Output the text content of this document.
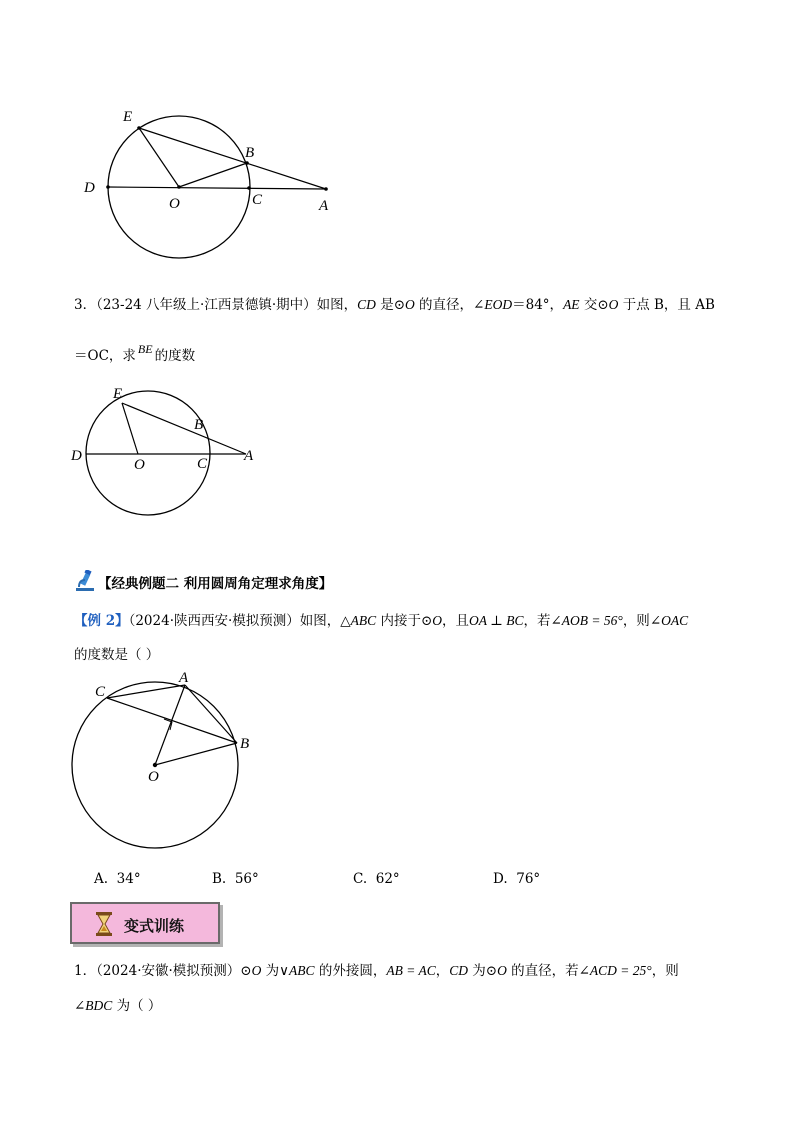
E
B
D
O	C	A
3．（23-24 八年级上·江西景德镇·期中）如图，CD 是⊙O 的直径，∠EOD＝84°，AE 交⊙O 于点 B，且 AB
＝OC，求 BE 的度数
E
B
D
O	C A
【经典例题二 利用圆周角定理求角度】
【例 2】（2024·陕西西安·模拟预测）如图，△ABC 内接于⊙O，且OA ⊥ BC，若∠AOB = 56°，则∠OAC
的度数是（ ）
C
A
B
O
A. 34°	B. 56°	C. 62°	D. 76°
变式训练
1．（2024·安徽·模拟预测）⊙O 为∨ABC 的外接圆，AB = AC，CD 为⊙O 的直径，若∠ACD = 25°，则
∠BDC 为（ ）
